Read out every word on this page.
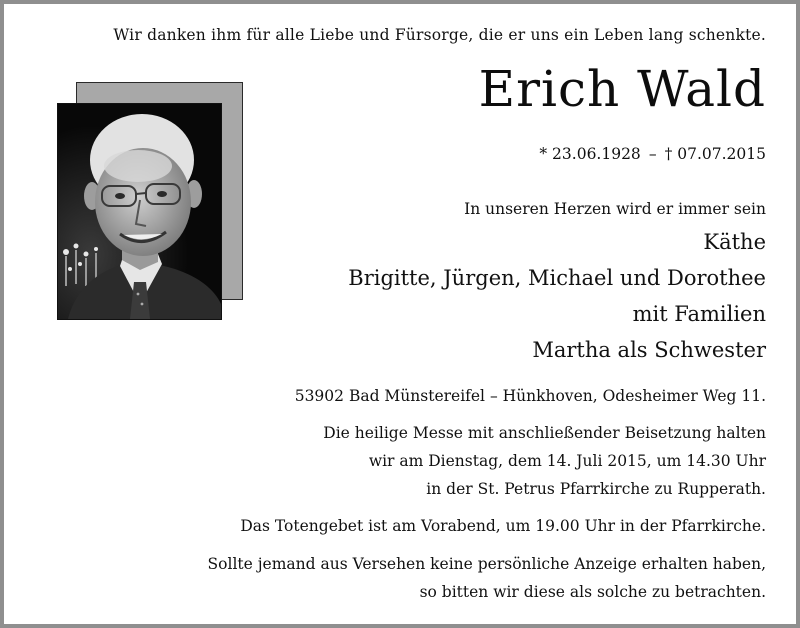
Wir danken ihm für alle Liebe und Fürsorge, die er uns ein Leben lang schenkte.
Erich Wald
* 23.06.1928 – † 07.07.2015
In unseren Herzen wird er immer sein
Käthe
Brigitte, Jürgen, Michael und Dorothee
mit Familien
Martha als Schwester
53902 Bad Münstereifel – Hünkhoven, Odesheimer Weg 11.
Die heilige Messe mit anschließender Beisetzung halten
wir am Dienstag, dem 14. Juli 2015, um 14.30 Uhr
in der St. Petrus Pfarrkirche zu Rupperath.
Das Totengebet ist am Vorabend, um 19.00 Uhr in der Pfarrkirche.
Sollte jemand aus Versehen keine persönliche Anzeige erhalten haben,
so bitten wir diese als solche zu betrachten.
